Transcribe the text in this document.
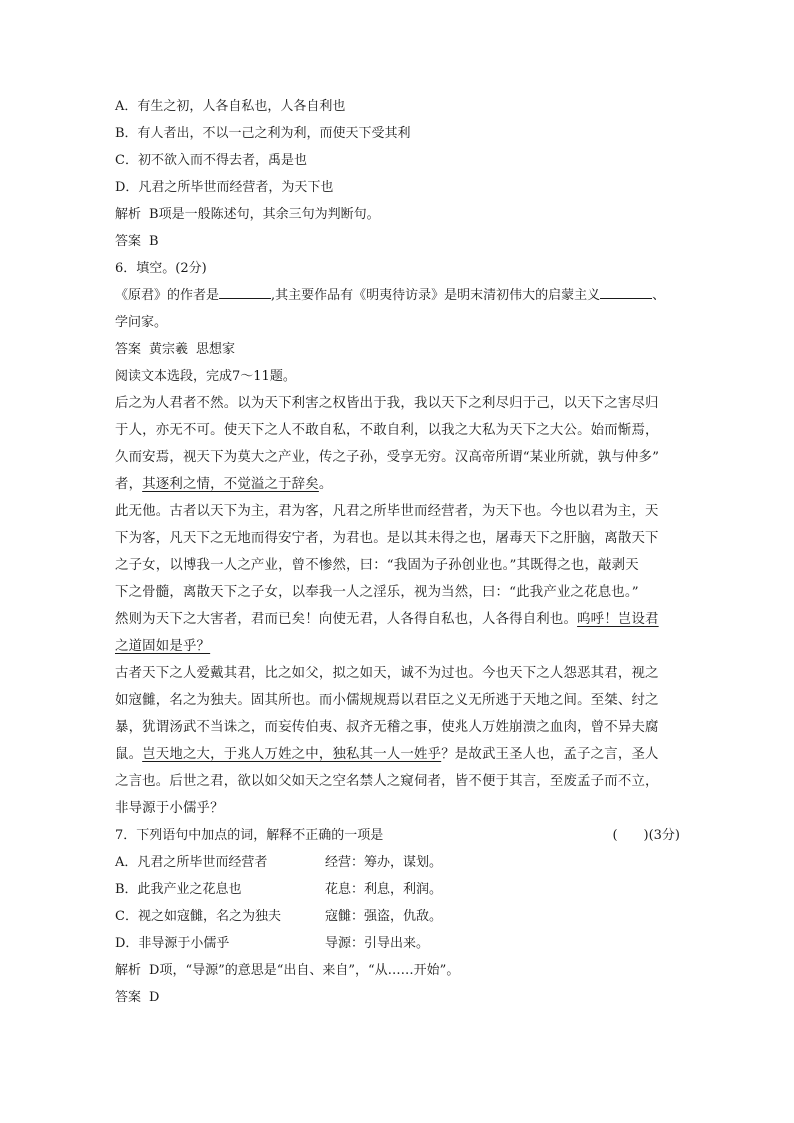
A．有生之初，人各自私也，人各自利也
B．有人者出，不以一己之利为利，而使天下受其利
C．初不欲入而不得去者，禹是也
D．凡君之所毕世而经营者，为天下也
解析 B项是一般陈述句，其余三句为判断句。
答案 B
6．填空。(2分)
《原君》的作者是	,其主要作品有《明夷待访录》是明末清初伟大的启蒙主义	、
学问家。
答案 黄宗羲 思想家
阅读文本选段，完成7～11题。
后之为人君者不然。以为天下利害之权皆出于我，我以天下之利尽归于己，以天下之害尽归
于人，亦无不可。使天下之人不敢自私，不敢自利，以我之大私为天下之大公。始而惭焉，
久而安焉，视天下为莫大之产业，传之子孙，受享无穷。汉高帝所谓“某业所就，孰与仲多”
者，其逐利之情，不觉溢之于辞矣。
此无他。古者以天下为主，君为客，凡君之所毕世而经营者，为天下也。今也以君为主，天
下为客，凡天下之无地而得安宁者，为君也。是以其未得之也，屠毒天下之肝脑，离散天下
之子女，以博我一人之产业，曾不惨然，曰：“我固为子孙创业也。”其既得之也，敲剥天
下之骨髓，离散天下之子女，以奉我一人之淫乐，视为当然，曰：“此我产业之花息也。”
然则为天下之大害者，君而已矣！向使无君，人各得自私也，人各得自利也。呜呼！岂设君
之道固如是乎？
古者天下之人爱戴其君，比之如父，拟之如天，诚不为过也。今也天下之人怨恶其君，视之
如寇雠，名之为独夫。固其所也。而小儒规规焉以君臣之义无所逃于天地之间。至桀、纣之
暴，犹谓汤武不当诛之，而妄传伯夷、叔齐无稽之事，使兆人万姓崩溃之血肉，曾不异夫腐
鼠。岂天地之大，于兆人万姓之中，独私其一人一姓乎？是故武王圣人也，孟子之言，圣人
之言也。后世之君，欲以如父如天之空名禁人之窥伺者，皆不便于其言，至废孟子而不立，
非导源于小儒乎？
7．下列语句中加点的词，解释不正确的一项是	(　　)(3分)
A．凡君之所毕世而经营者	经营：筹办，谋划。
B．此我产业之花息也	花息：利息，利润。
C．视之如寇雠，名之为独夫	寇雠：强盗，仇敌。
D．非导源于小儒乎	导源：引导出来。
解析 D项，“导源”的意思是“出自、来自”，“从……开始”。
答案 D
